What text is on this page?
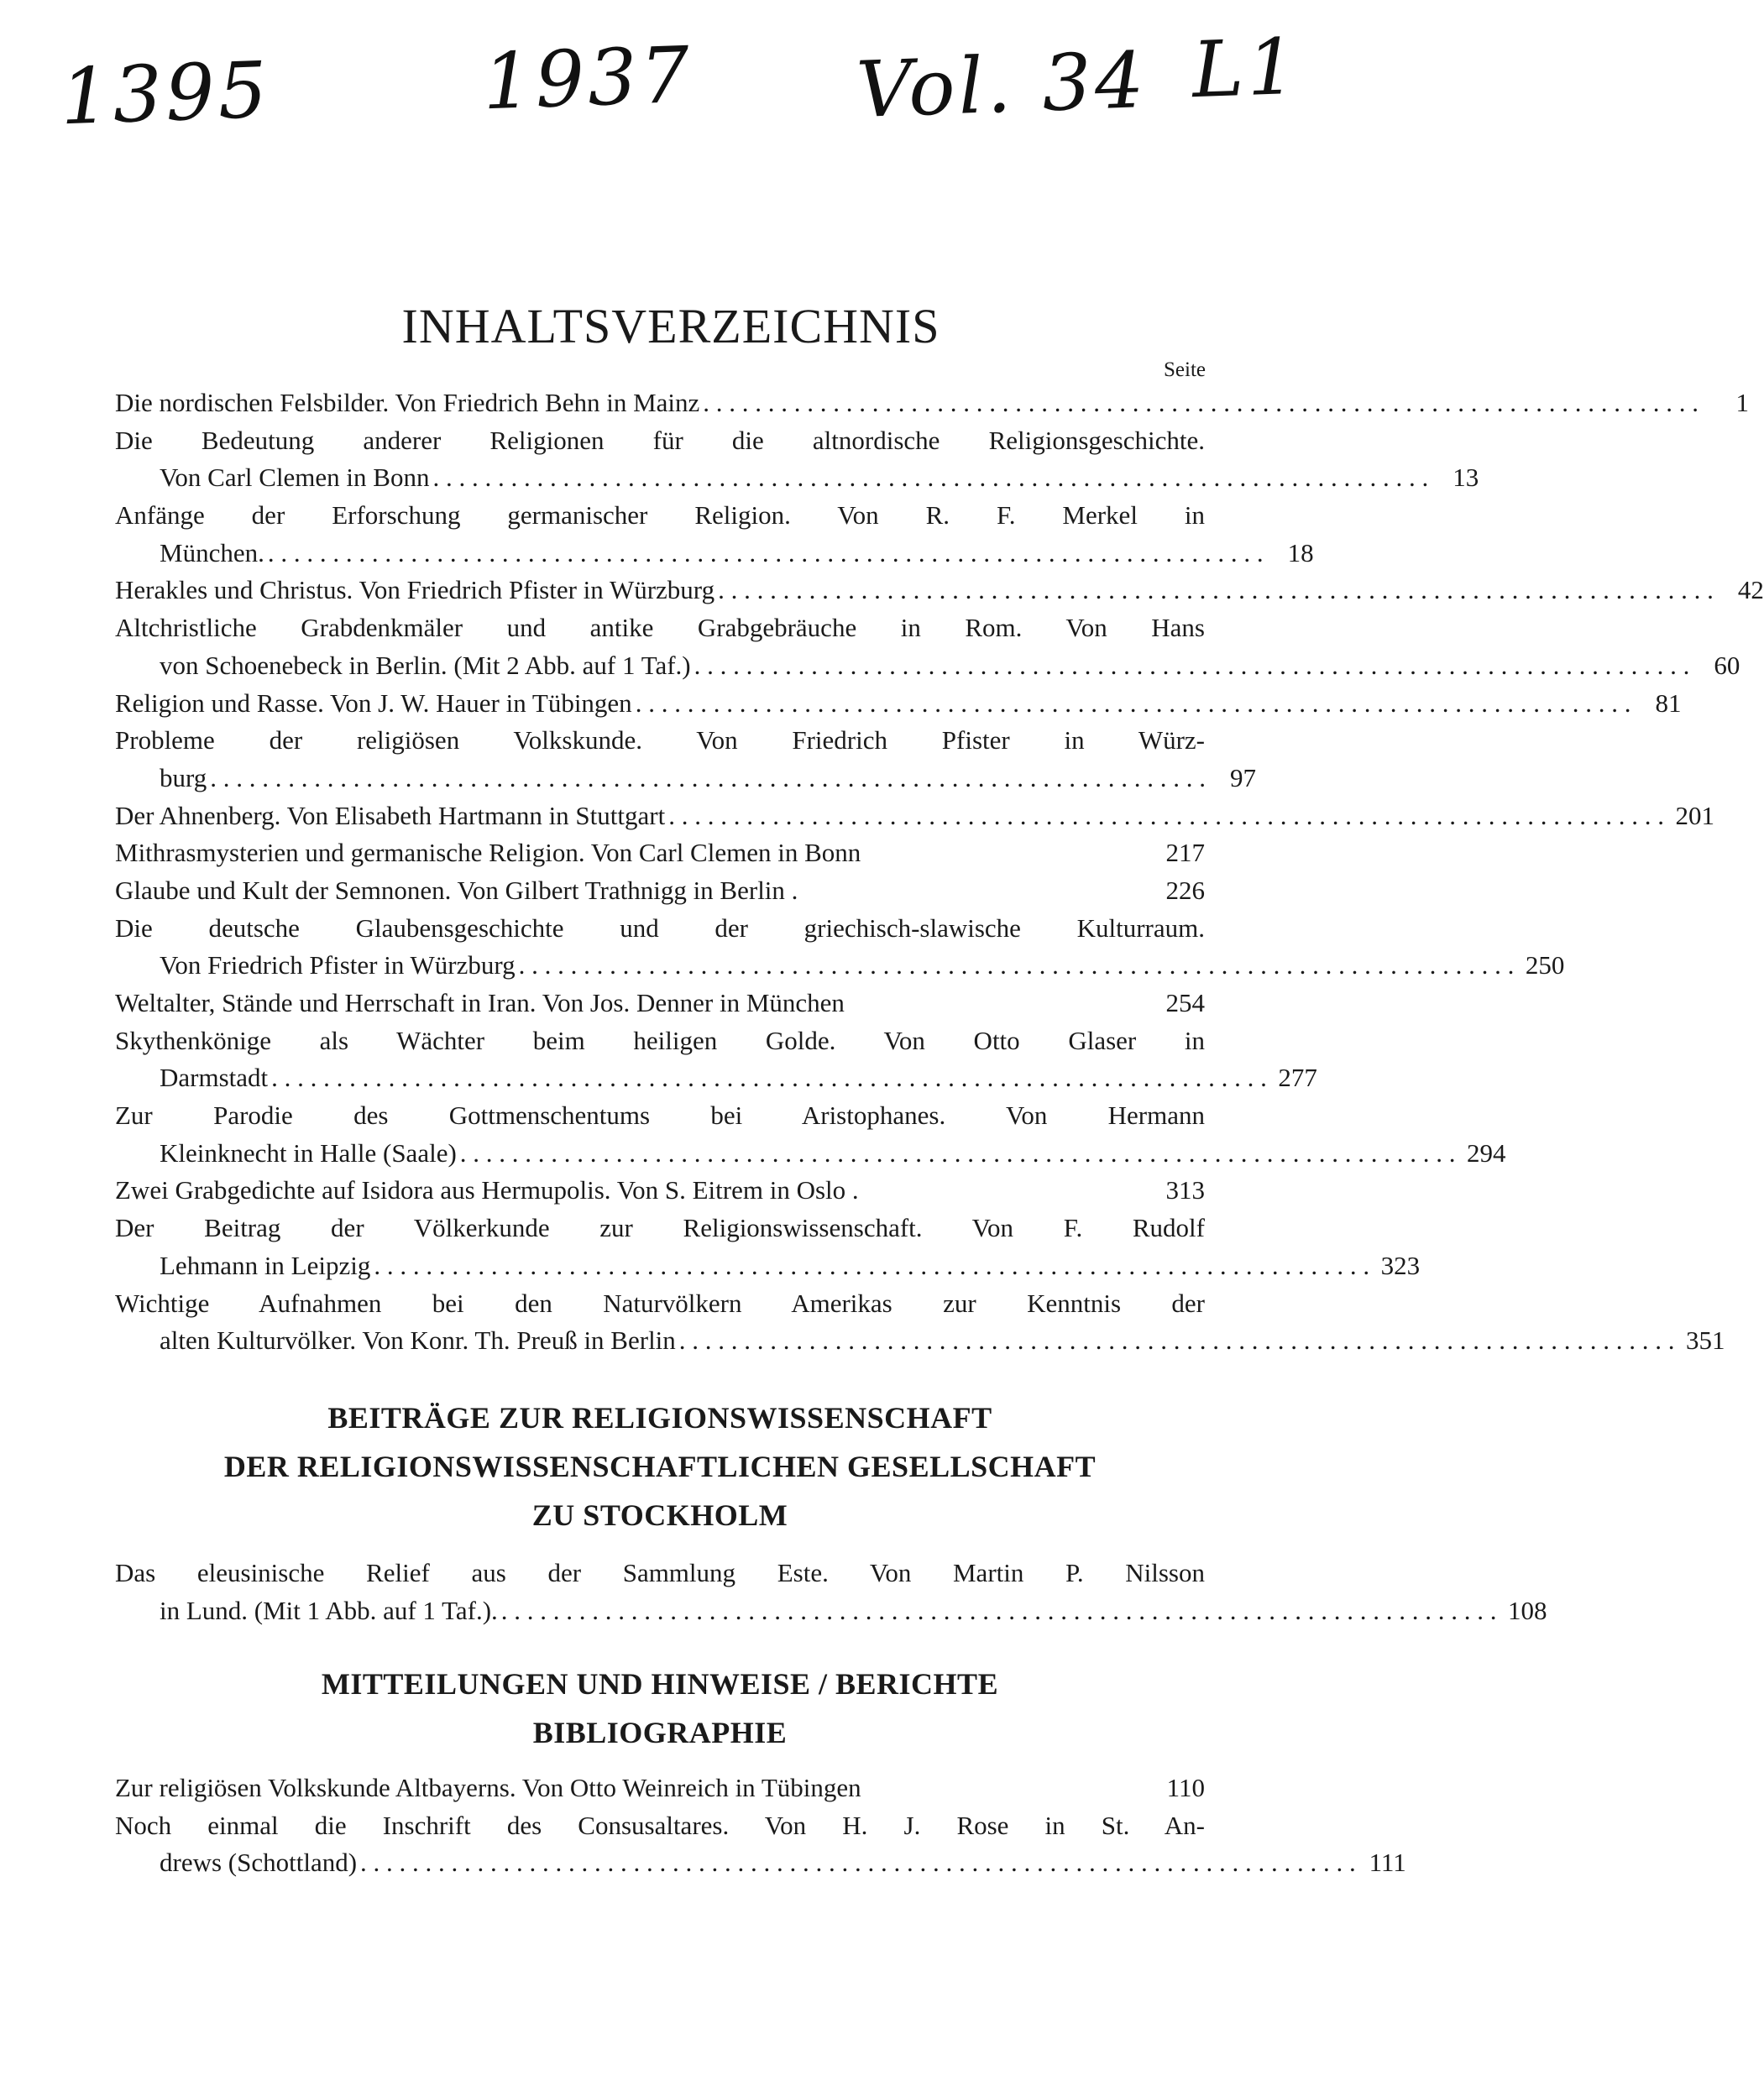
1395	1937 Vol. 34 L1
INHALTSVERZEICHNIS

Seite

Die nordischen Felsbilder. Von Friedrich Behn in Mainz . . .	1
Die Bedeutung anderer Religionen für die altnordische Religionsgeschichte.
Von Carl Clemen in Bonn . . .	13
Anfänge der Erforschung germanischer Religion. Von R. F. Merkel in
München. . . .	18
Herakles und Christus. Von Friedrich Pfister in Würzburg . . .	42
Altchristliche Grabdenkmäler und antike Grabgebräuche in Rom. Von Hans
von Schoenebeck in Berlin. (Mit 2 Abb. auf 1 Taf.) . . .	60
Religion und Rasse. Von J. W. Hauer in Tübingen . . .	81
Probleme der religiösen Volkskunde. Von Friedrich Pfister in Würz-
burg . . .	97
Der Ahnenberg. Von Elisabeth Hartmann in Stuttgart . . .	201
Mithrasmysterien und germanische Religion. Von Carl Clemen in Bonn	217
Glaube und Kult der Semnonen. Von Gilbert Trathnigg in Berlin .	226
Die deutsche Glaubensgeschichte und der griechisch-slawische Kulturraum.
Von Friedrich Pfister in Würzburg . . .	250
Weltalter, Stände und Herrschaft in Iran. Von Jos. Denner in München	254
Skythenkönige als Wächter beim heiligen Golde. Von Otto Glaser in
Darmstadt . . .	277
Zur Parodie des Gottmenschentums bei Aristophanes. Von Hermann
Kleinknecht in Halle (Saale) . . .	294
Zwei Grabgedichte auf Isidora aus Hermupolis. Von S. Eitrem in Oslo .	313
Der Beitrag der Völkerkunde zur Religionswissenschaft. Von F. Rudolf
Lehmann in Leipzig . . .	323
Wichtige Aufnahmen bei den Naturvölkern Amerikas zur Kenntnis der
alten Kulturvölker. Von Konr. Th. Preuß in Berlin . . .	351
BEITRÄGE ZUR RELIGIONSWISSENSCHAFT
DER RELIGIONSWISSENSCHAFTLICHEN GESELLSCHAFT
ZU STOCKHOLM
Das eleusinische Relief aus der Sammlung Este. Von Martin P. Nilsson
in Lund. (Mit 1 Abb. auf 1 Taf.). . . .	108
MITTEILUNGEN UND HINWEISE / BERICHTE
BIBLIOGRAPHIE
Zur religiösen Volkskunde Altbayerns. Von Otto Weinreich in Tübingen	110
Noch einmal die Inschrift des Consusaltares. Von H. J. Rose in St. An-
drews (Schottland) . . .	111
